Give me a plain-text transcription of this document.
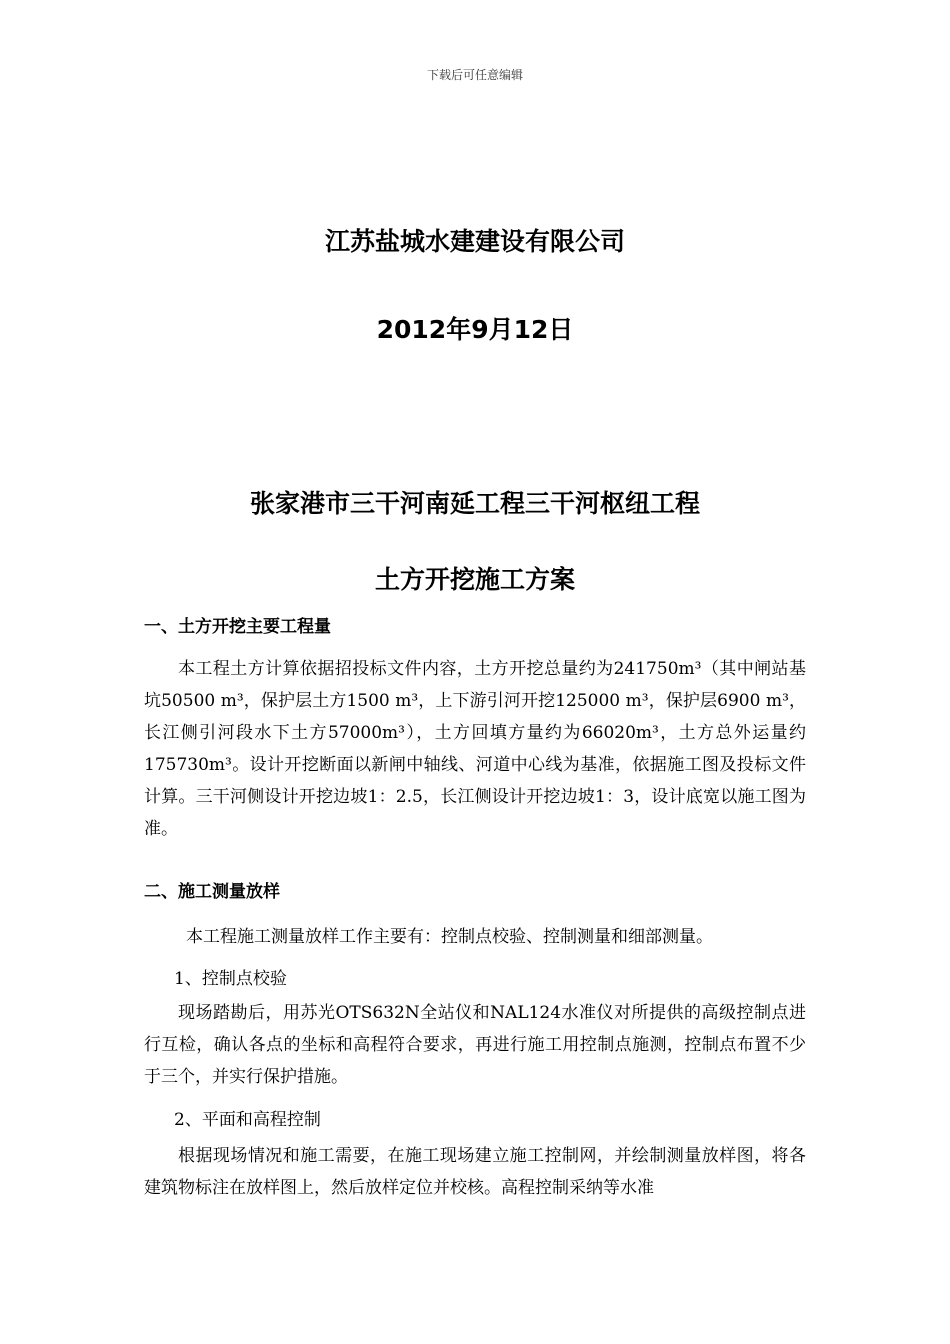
下载后可任意编辑
江苏盐城水建建设有限公司
2012年9月12日
张家港市三干河南延工程三干河枢纽工程
土方开挖施工方案
一、土方开挖主要工程量
本工程土方计算依据招投标文件内容，土方开挖总量约为241750m³（其中闸站基坑50500 m³，保护层土方1500 m³，上下游引河开挖125000 m³，保护层6900 m³，长江侧引河段水下土方57000m³），土方回填方量约为66020m³，土方总外运量约175730m³。设计开挖断面以新闸中轴线、河道中心线为基准，依据施工图及投标文件计算。三干河侧设计开挖边坡1：2.5，长江侧设计开挖边坡1：3，设计底宽以施工图为准。
二、施工测量放样
本工程施工测量放样工作主要有：控制点校验、控制测量和细部测量。
1、控制点校验
现场踏勘后，用苏光OTS632N全站仪和NAL124水准仪对所提供的高级控制点进行互检，确认各点的坐标和高程符合要求，再进行施工用控制点施测，控制点布置不少于三个，并实行保护措施。
2、平面和高程控制
根据现场情况和施工需要，在施工现场建立施工控制网，并绘制测量放样图，将各建筑物标注在放样图上，然后放样定位并校核。高程控制采纳等水准
